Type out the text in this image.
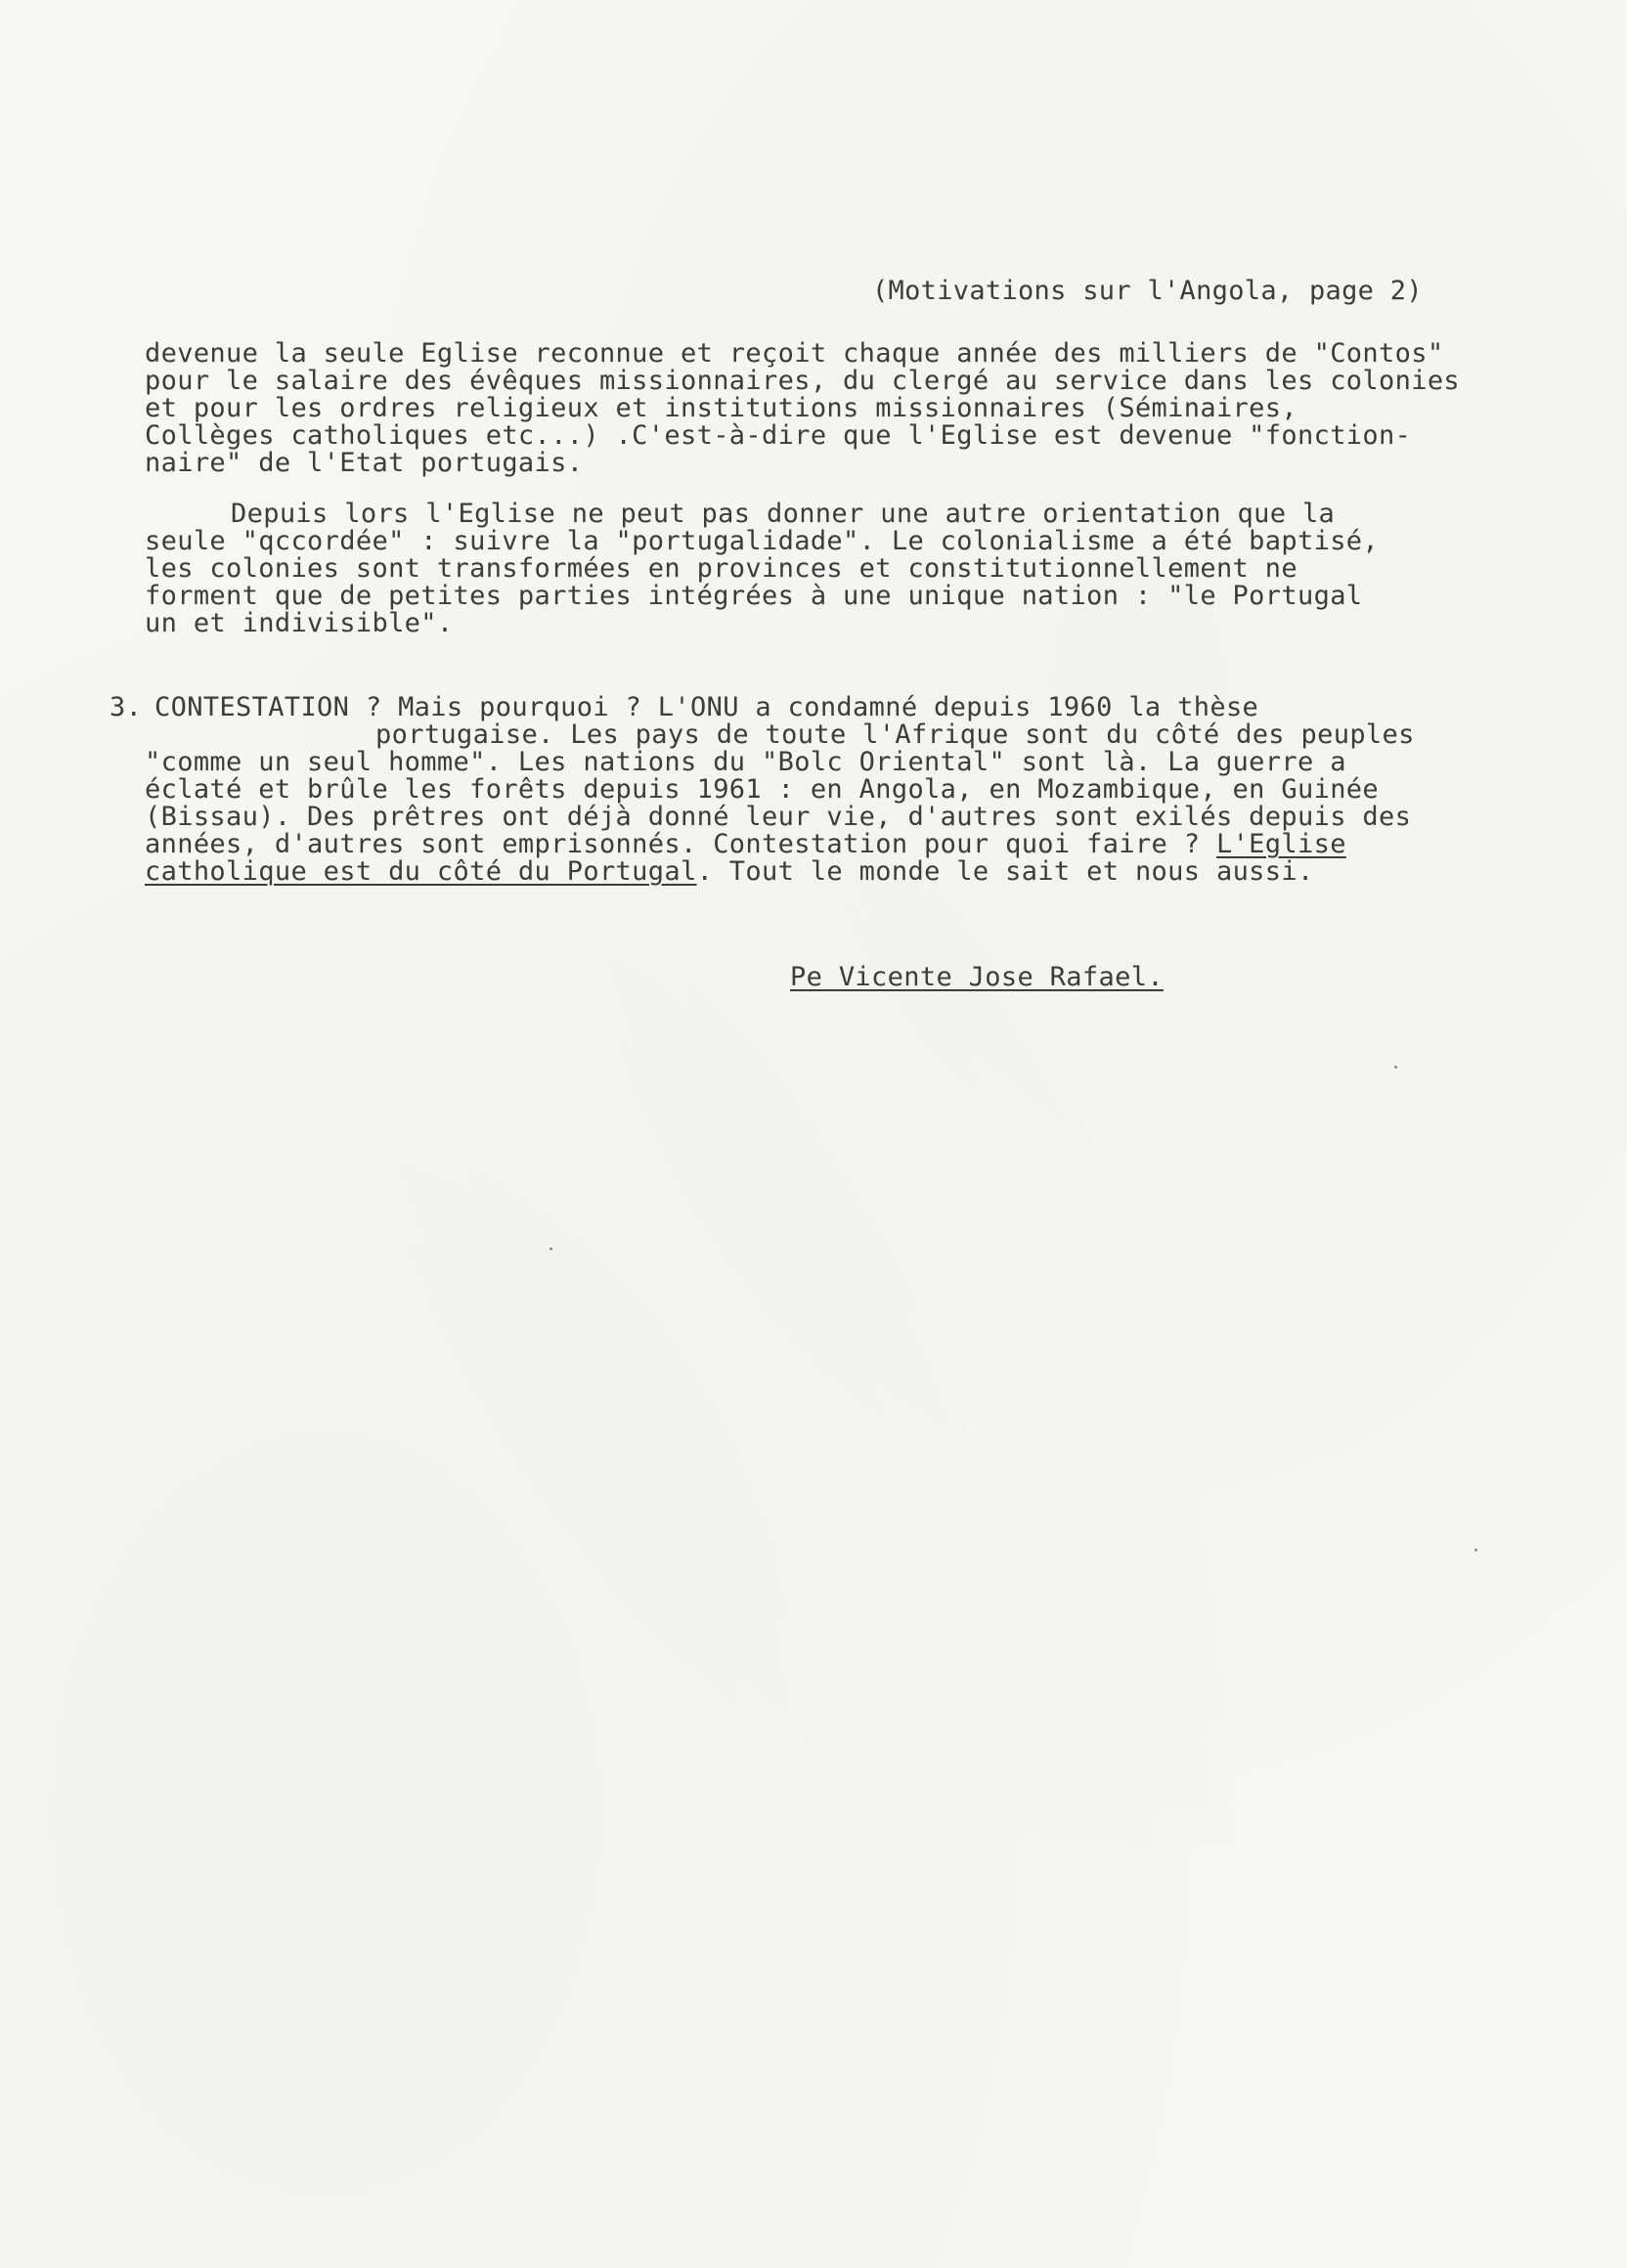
(Motivations sur l'Angola, page 2)
devenue la seule Eglise reconnue et reçoit chaque année des milliers de "Contos"
pour le salaire des évêques missionnaires, du clergé au service dans les colonies
et pour les ordres religieux et institutions missionnaires (Séminaires,
Collèges catholiques etc...) .C'est-à-dire que l'Eglise est devenue "fonction-
naire" de l'Etat portugais.
Depuis lors l'Eglise ne peut pas donner une autre orientation que la
seule "qccordée" : suivre la "portugalidade". Le colonialisme a été baptisé,
les colonies sont transformées en provinces et constitutionnellement ne
forment que de petites parties intégrées à une unique nation : "le Portugal
un et indivisible".
3. CONTESTATION ? Mais pourquoi ? L'ONU a condamné depuis 1960 la thèse
portugaise. Les pays de toute l'Afrique sont du côté des peuples
"comme un seul homme". Les nations du "Bolc Oriental" sont là. La guerre a
éclaté et brûle les forêts depuis 1961 : en Angola, en Mozambique, en Guinée
(Bissau). Des prêtres ont déjà donné leur vie, d'autres sont exilés depuis des
années, d'autres sont emprisonnés. Contestation pour quoi faire ? L'Eglise
catholique est du côté du Portugal. Tout le monde le sait et nous aussi.
Pe Vicente Jose Rafael.
